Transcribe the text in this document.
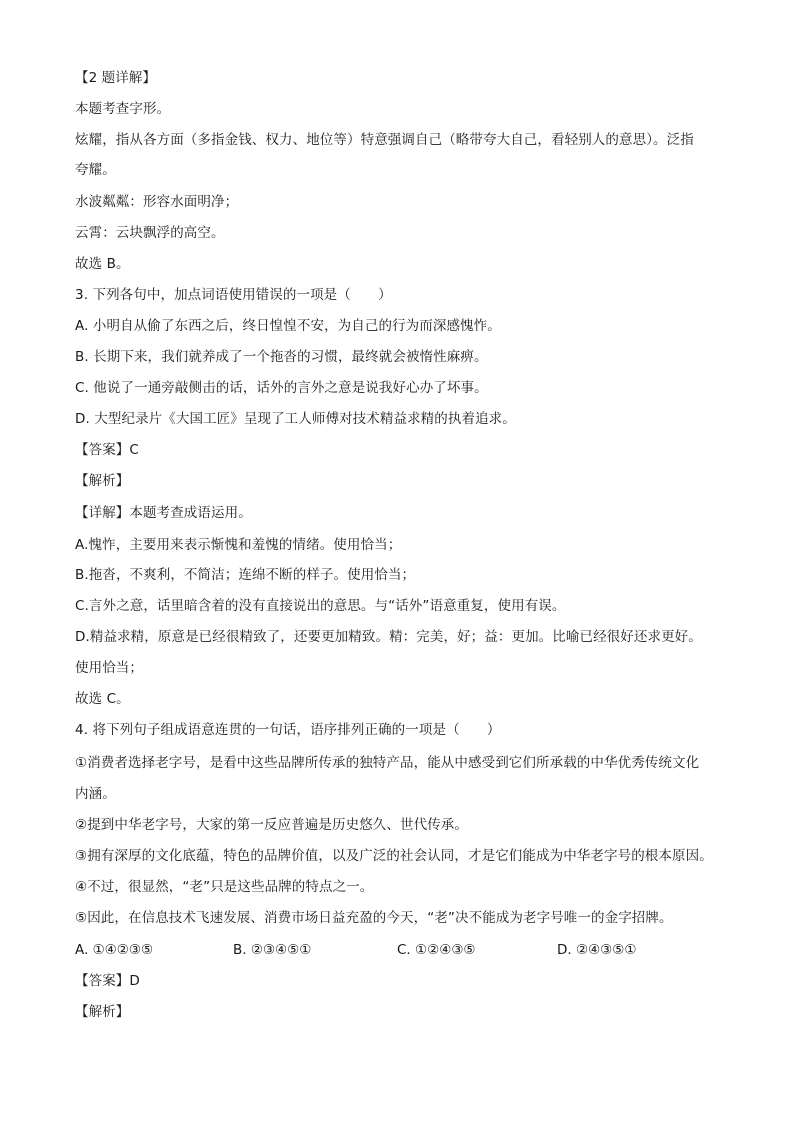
【2 题详解】
本题考查字形。
炫耀，指从各方面（多指金钱、权力、地位等）特意强调自己（略带夸大自己，看轻别人的意思）。泛指
夸耀。
水波粼粼：形容水面明净；
云霄：云块飘浮的高空。
故选 B。
3. 下列各句中，加点词语使用错误的一项是（　　）
A. 小明自从偷了东西之后，终日惶惶不安，为自己的行为而深感愧怍。
B. 长期下来，我们就养成了一个拖沓的习惯，最终就会被惰性麻痹。
C. 他说了一通旁敲侧击的话，话外的言外之意是说我好心办了坏事。
D. 大型纪录片《大国工匠》呈现了工人师傅对技术精益求精的执着追求。
【答案】C
【解析】
【详解】本题考查成语运用。
A.愧怍，主要用来表示惭愧和羞愧的情绪。使用恰当；
B.拖沓，不爽利，不简洁；连绵不断的样子。使用恰当；
C.言外之意，话里暗含着的没有直接说出的意思。与“话外”语意重复，使用有误。
D.精益求精，原意是已经很精致了，还要更加精致。精：完美，好；益：更加。比喻已经很好还求更好。
使用恰当；
故选 C。
4. 将下列句子组成语意连贯的一句话，语序排列正确的一项是（　　）
①消费者选择老字号，是看中这些品牌所传承的独特产品，能从中感受到它们所承载的中华优秀传统文化
内涵。
②提到中华老字号，大家的第一反应普遍是历史悠久、世代传承。
③拥有深厚的文化底蕴，特色的品牌价值，以及广泛的社会认同，才是它们能成为中华老字号的根本原因。
④不过，很显然，“老”只是这些品牌的特点之一。
⑤因此，在信息技术飞速发展、消费市场日益充盈的今天，“老”决不能成为老字号唯一的金字招牌。
A. ①④②③⑤	B. ②③④⑤①	C. ①②④③⑤	D. ②④③⑤①
【答案】D
【解析】
